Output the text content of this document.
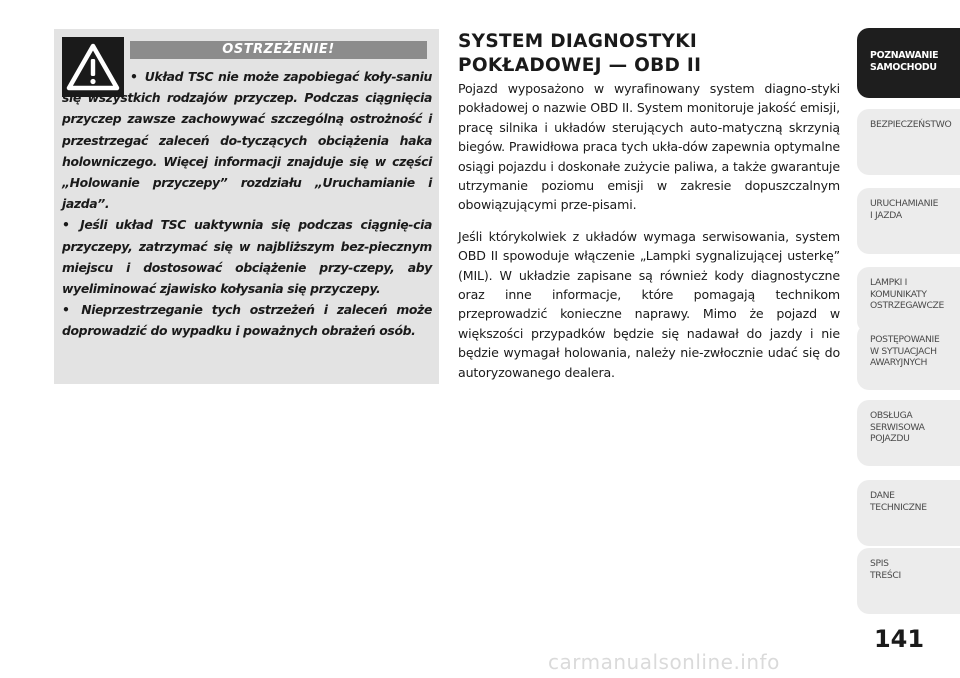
OSTRZEŻENIE!

• Układ TSC nie może zapobiegać koły-saniu się wszystkich rodzajów przyczep. Podczas ciągnięcia przyczep zawsze zachowywać szczególną ostrożność i przestrzegać zaleceń do-tyczących obciążenia haka holowniczego. Więcej informacji znajduje się w części „Holowanie przyczepy” rozdziału „Uruchamianie i jazda”.

• Jeśli układ TSC uaktywnia się podczas ciągnię-cia przyczepy, zatrzymać się w najbliższym bez-piecznym miejscu i dostosować obciążenie przy-czepy, aby wyeliminować zjawisko kołysania się przyczepy.

• Nieprzestrzeganie tych ostrzeżeń i zaleceń może doprowadzić do wypadku i poważnych obrażeń osób.

SYSTEM DIAGNOSTYKI
POKŁADOWEJ — OBD II

Pojazd wyposażono w wyrafinowany system diagno-styki pokładowej o nazwie OBD II. System monitoruje jakość emisji, pracę silnika i układów sterujących auto-matyczną skrzynią biegów. Prawidłowa praca tych ukła-dów zapewnia optymalne osiągi pojazdu i doskonałe zużycie paliwa, a także gwarantuje utrzymanie poziomu emisji w zakresie dopuszczalnym obowiązującymi prze-pisami.

Jeśli którykolwiek z układów wymaga serwisowania, system OBD II spowoduje włączenie „Lampki sygnalizującej usterkę” (MIL). W układzie zapisane są również kody diagnostyczne oraz inne informacje, które pomagają technikom przeprowadzić konieczne naprawy. Mimo że pojazd w większości przypadków będzie się nadawał do jazdy i nie będzie wymagał holowania, należy nie-zwłocznie udać się do autoryzowanego dealera.

POZNAWANIE
SAMOCHODU
BEZPIECZEŃSTWO
URUCHAMIANIE
I JAZDA
LAMPKI I
KOMUNIKATY
OSTRZEGAWCZE
POSTĘPOWANIE
W SYTUACJACH
AWARYJNYCH
OBSŁUGA
SERWISOWA
POJAZDU
DANE
TECHNICZNE
SPIS
TREŚCI
141
carmanualsonline.info
